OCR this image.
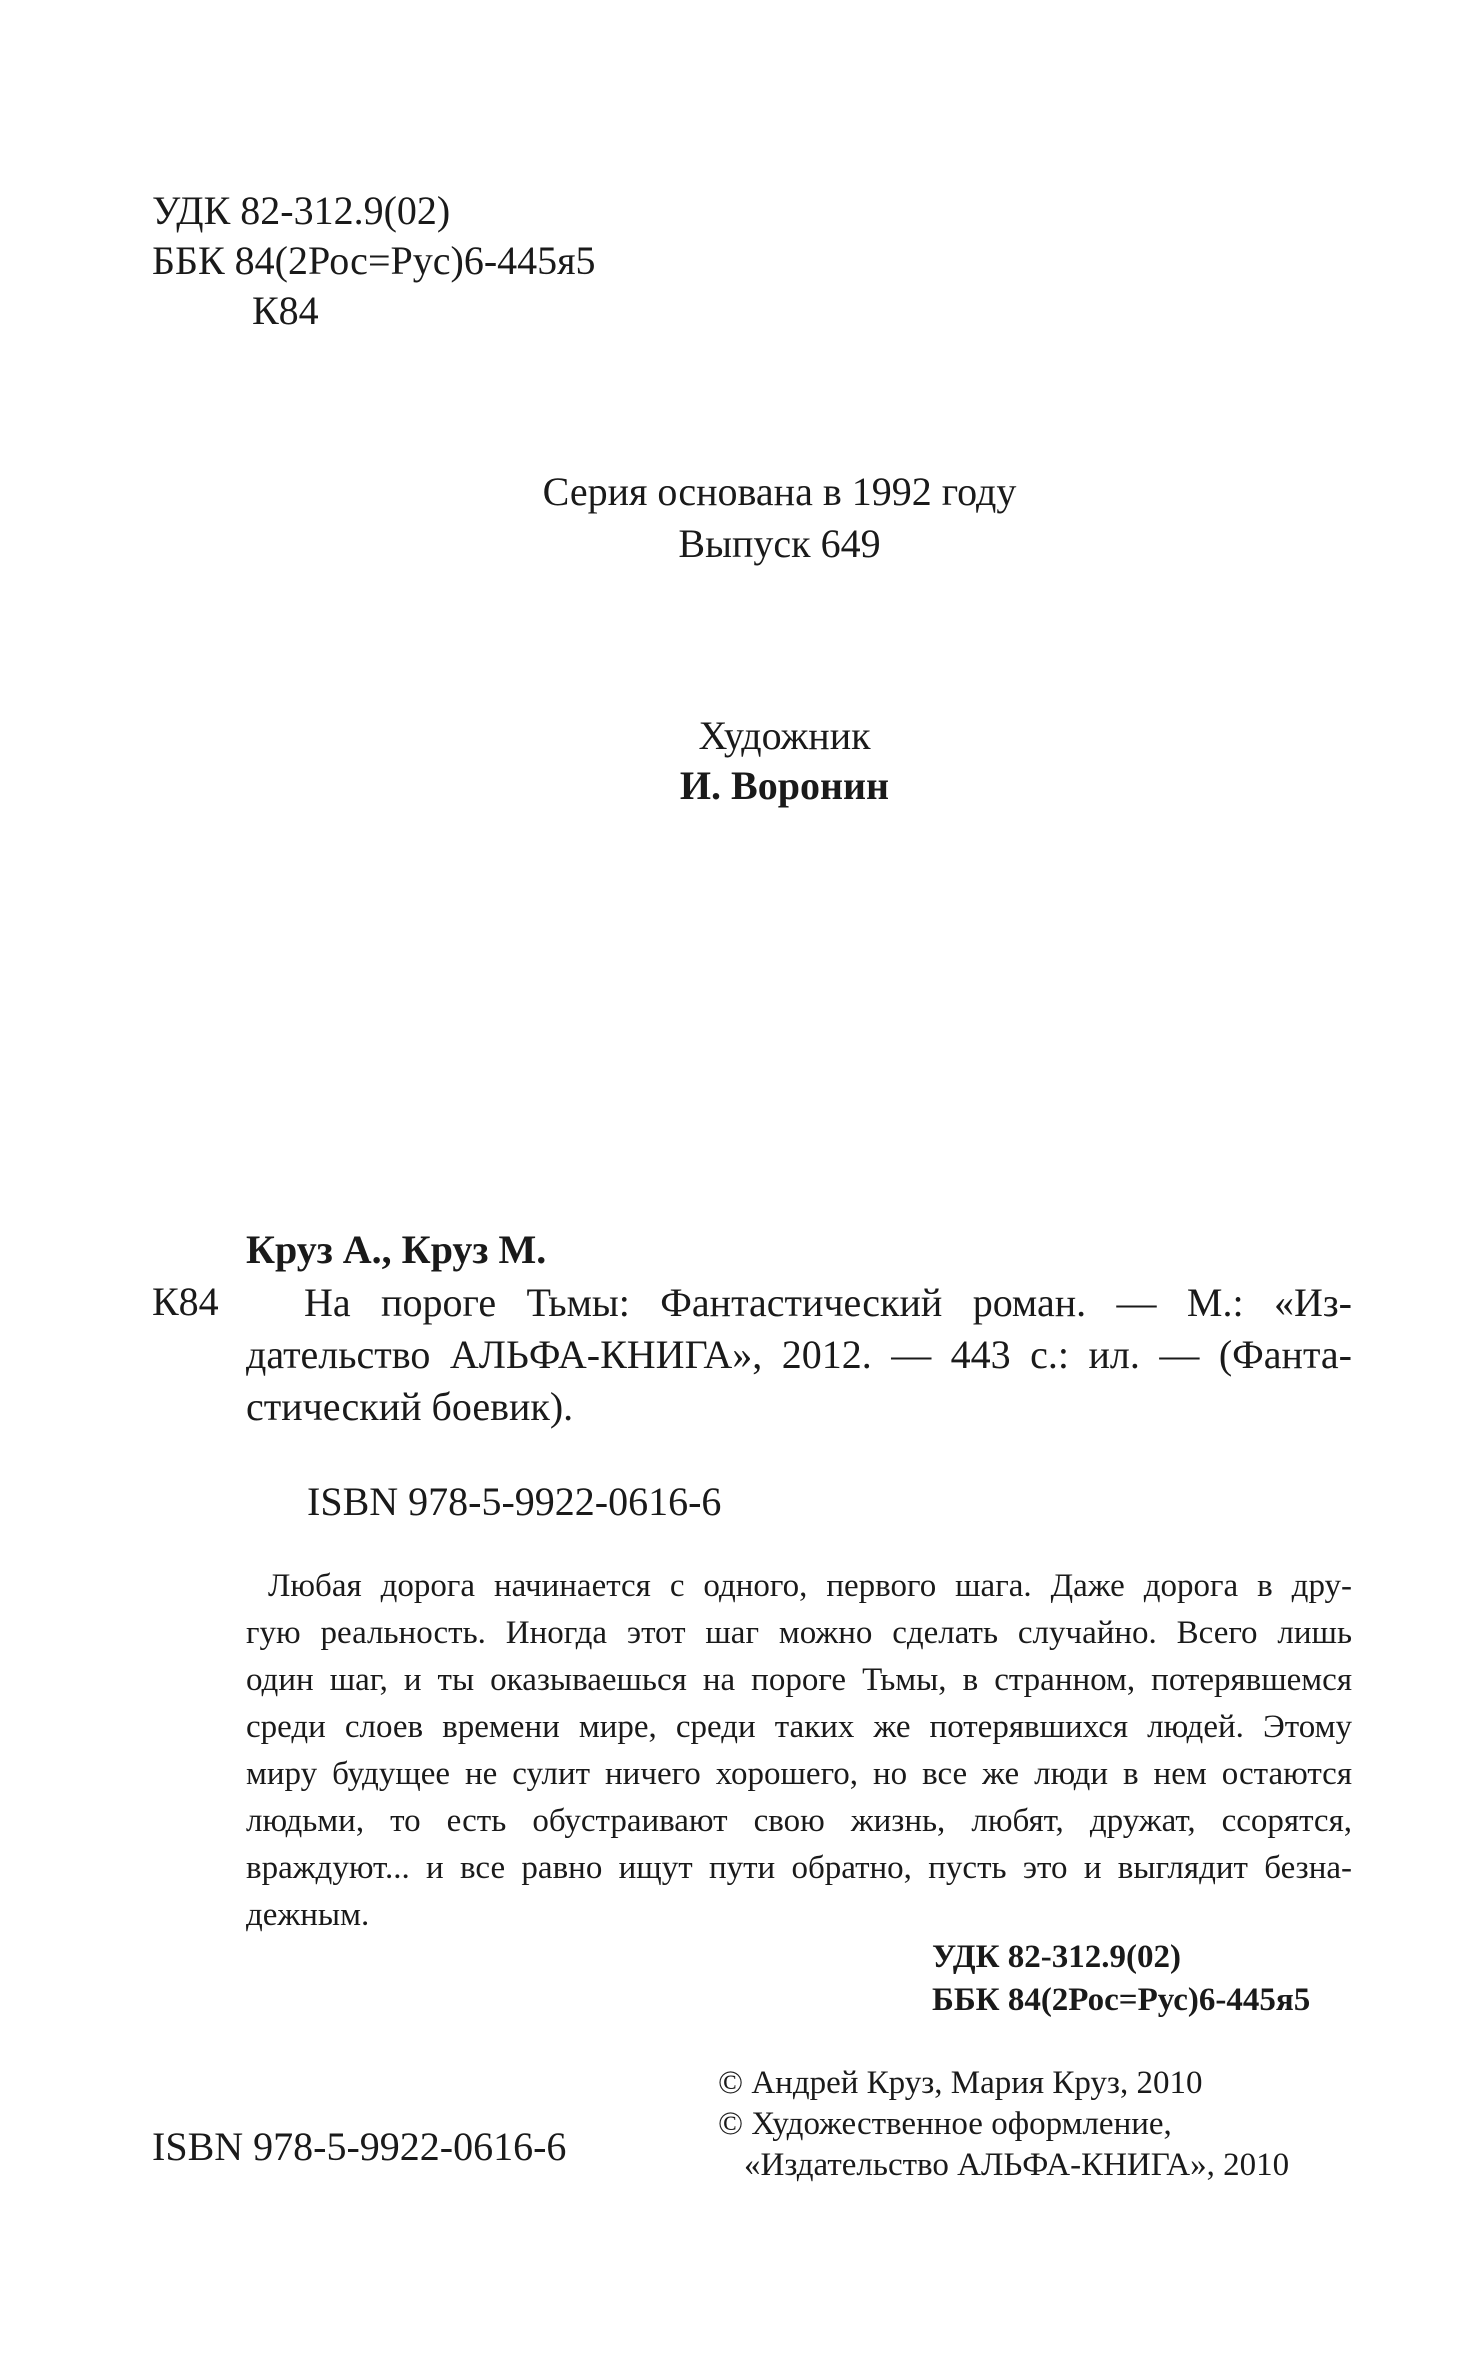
УДК 82-312.9(02)
ББК 84(2Рос=Рус)6-445я5
К84
Серия основана в 1992 году
Выпуск 649
Художник
И. Воронин
Круз А., Круз М.
К84	На пороге Тьмы: Фантастический роман. — М.: «Из-
дательство АЛЬФА-КНИГА», 2012. — 443 с.: ил. — (Фанта-
стический боевик).
ISBN 978-5-9922-0616-6
Любая дорога начинается с одного, первого шага. Даже дорога в дру-
гую реальность. Иногда этот шаг можно сделать случайно. Всего лишь
один шаг, и ты оказываешься на пороге Тьмы, в странном, потерявшемся
среди слоев времени мире, среди таких же потерявшихся людей. Этому
миру будущее не сулит ничего хорошего, но все же люди в нем остаются
людьми, то есть обустраивают свою жизнь, любят, дружат, ссорятся,
враждуют... и все равно ищут пути обратно, пусть это и выглядит безна-
дежным.
УДК 82-312.9(02)
ББК 84(2Рос=Рус)6-445я5
© Андрей Круз, Мария Круз, 2010
© Художественное оформление,
«Издательство АЛЬФА-КНИГА», 2010
ISBN 978-5-9922-0616-6
